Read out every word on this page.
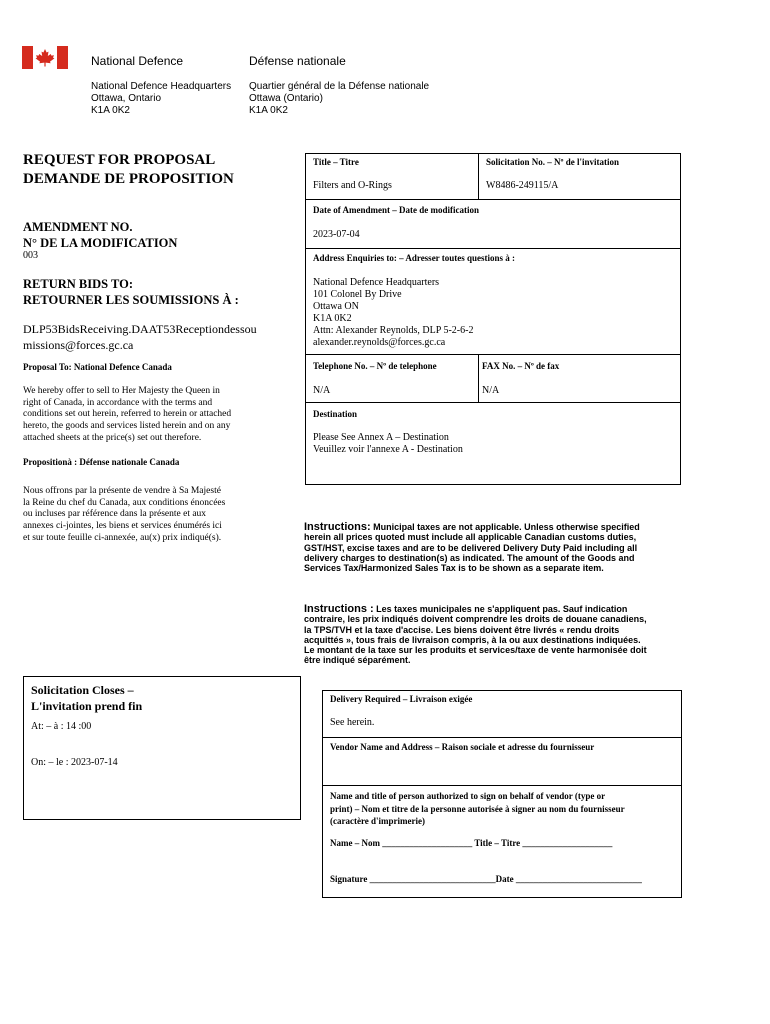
National Defence	Défense nationale
National Defence Headquarters
Ottawa, Ontario
K1A 0K2
Quartier général de la Défense nationale
Ottawa (Ontario)
K1A 0K2
REQUEST FOR PROPOSAL
DEMANDE DE PROPOSITION
AMENDMENT NO.
N° DE LA MODIFICATION
003
RETURN BIDS TO:
RETOURNER LES SOUMISSIONS À :
DLP53BidsReceiving.DAAT53Receptiondessou
missions@forces.gc.ca
Proposal To: National Defence Canada
We hereby offer to sell to Her Majesty the Queen in
right of Canada, in accordance with the terms and
conditions set out herein, referred to herein or attached
hereto, the goods and services listed herein and on any
attached sheets at the price(s) set out therefore.
Propositionà : Défense nationale Canada
Nous offrons par la présente de vendre à Sa Majesté
la Reine du chef du Canada, aux conditions énoncées
ou incluses par référence dans la présente et aux
annexes ci-jointes, les biens et services énumérés ici
et sur toute feuille ci-annexée, au(x) prix indiqué(s).
Solicitation Closes –
L'invitation prend fin
At: – à : 14 :00
On: – le : 2023-07-14
Title – Titre
Filters and O-Rings
Solicitation No. – Nº de l'invitation
W8486-249115/A
Date of Amendment – Date de modification
2023-07-04
Address Enquiries to: – Adresser toutes questions à :
National Defence Headquarters
101 Colonel By Drive
Ottawa ON
K1A 0K2
Attn: Alexander Reynolds, DLP 5-2-6-2
alexander.reynolds@forces.gc.ca
Telephone No. – Nº de telephone
N/A
FAX No. – Nº de fax
N/A
Destination
Please See Annex A – Destination
Veuillez voir l'annexe A - Destination
Instructions: Municipal taxes are not applicable. Unless otherwise specified herein all prices quoted must include all applicable Canadian customs duties, GST/HST, excise taxes and are to be delivered Delivery Duty Paid including all delivery charges to destination(s) as indicated. The amount of the Goods and Services Tax/Harmonized Sales Tax is to be shown as a separate item.
Instructions : Les taxes municipales ne s'appliquent pas. Sauf indication contraire, les prix indiqués doivent comprendre les droits de douane canadiens, la TPS/TVH et la taxe d'accise. Les biens doivent être livrés « rendu droits acquittés », tous frais de livraison compris, à la ou aux destinations indiquées. Le montant de la taxe sur les produits et services/taxe de vente harmonisée doit être indiqué séparément.
Delivery Required – Livraison exigée
See herein.
Vendor Name and Address – Raison sociale et adresse du fournisseur
Name and title of person authorized to sign on behalf of vendor (type or
print) – Nom et titre de la personne autorisée à signer au nom du fournisseur
(caractère d'imprimerie)
Name – Nom ____________________ Title – Titre ____________________
Signature ____________________________Date ____________________________
